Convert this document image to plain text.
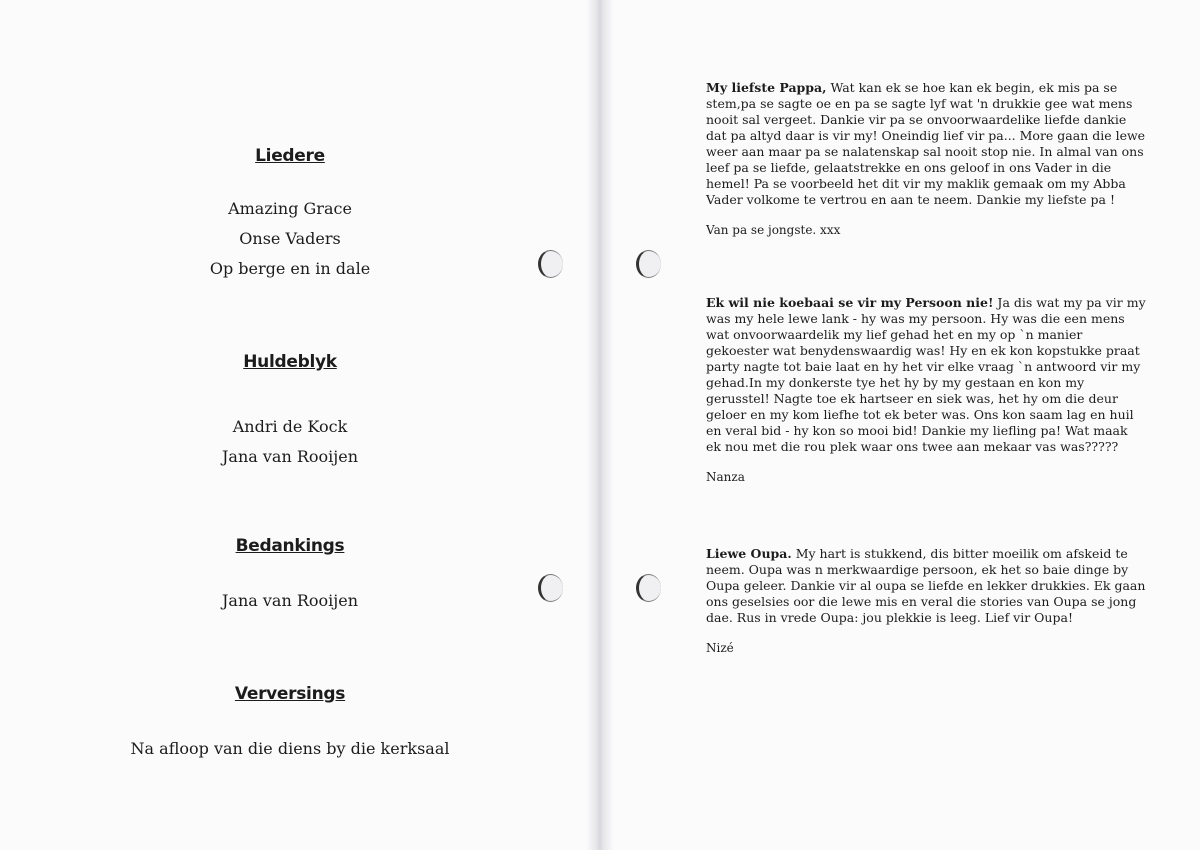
Liedere
Amazing Grace
Onse Vaders
Op berge en in dale
Huldeblyk
Andri de Kock
Jana van Rooijen
Bedankings
Jana van Rooijen
Verversings
Na afloop van die diens by die kerksaal

My liefste Pappa, Wat kan ek se hoe kan ek begin, ek mis pa se stem,pa se sagte oe en pa se sagte lyf wat 'n drukkie gee wat mens nooit sal vergeet. Dankie vir pa se onvoorwaardelike liefde dankie dat pa altyd daar is vir my! Oneindig lief vir pa... More gaan die lewe weer aan maar pa se nalatenskap sal nooit stop nie. In almal van ons leef pa se liefde, gelaatstrekke en ons geloof in ons Vader in die hemel! Pa se voorbeeld het dit vir my maklik gemaak om my Abba Vader volkome te vertrou en aan te neem. Dankie my liefste pa !

Van pa se jongste. xxx

Ek wil nie koebaai se vir my Persoon nie! Ja dis wat my pa vir my was my hele lewe lank - hy was my persoon. Hy was die een mens wat onvoorwaardelik my lief gehad het en my op `n manier gekoester wat benydenswaardig was! Hy en ek kon kopstukke praat party nagte tot baie laat en hy het vir elke vraag `n antwoord vir my gehad.In my donkerste tye het hy by my gestaan en kon my gerusstel! Nagte toe ek hartseer en siek was, het hy om die deur geloer en my kom liefhe tot ek beter was. Ons kon saam lag en huil en veral bid - hy kon so mooi bid! Dankie my liefling pa! Wat maak ek nou met die rou plek waar ons twee aan mekaar vas was?????

Nanza

Liewe Oupa. My hart is stukkend, dis bitter moeilik om afskeid te neem. Oupa was n merkwaardige persoon, ek het so baie dinge by Oupa geleer. Dankie vir al oupa se liefde en lekker drukkies. Ek gaan ons geselsies oor die lewe mis en veral die stories van Oupa se jong dae. Rus in vrede Oupa: jou plekkie is leeg. Lief vir Oupa!

Nizé
